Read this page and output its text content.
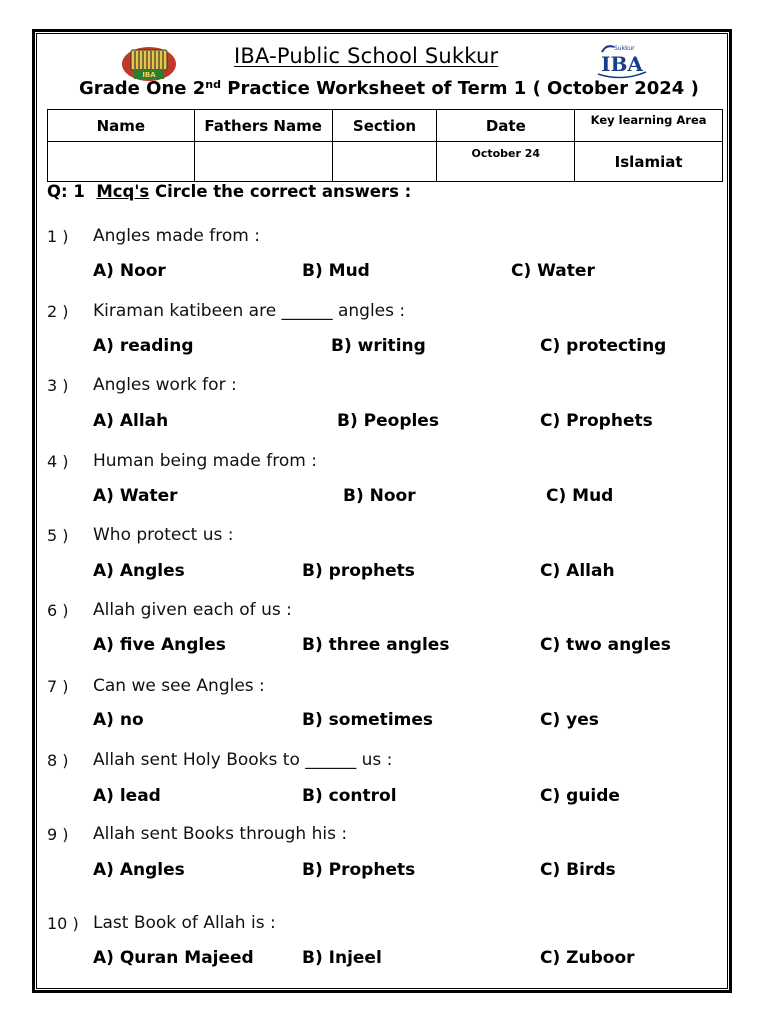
IBA
IBA-Public School Sukkur	Sukkur
IBA
Grade One 2nd Practice Worksheet of Term 1 ( October 2024 )
Name	Fathers Name	Section	Date	Key learning Area
			October 24	Islamiat
Q: 1 Mcq's Circle the correct answers :
1 ) Angles made from :
A) Noor	B) Mud	C) Water
2 ) Kiraman katibeen are ______ angles :
A) reading	B) writing	C) protecting
3 ) Angles work for :
A) Allah	B) Peoples	C) Prophets
4 ) Human being made from :
A) Water	B) Noor	C) Mud
5 ) Who protect us :
A) Angles	B) prophets	C) Allah
6 ) Allah given each of us :
A) five Angles	B) three angles	C) two angles
7 ) Can we see Angles :
A) no	B) sometimes	C) yes
8 ) Allah sent Holy Books to ______ us :
A) lead	B) control	C) guide
9 ) Allah sent Books through his :
A) Angles	B) Prophets	C) Birds
10 ) Last Book of Allah is :
A) Quran Majeed	B) Injeel	C) Zuboor
